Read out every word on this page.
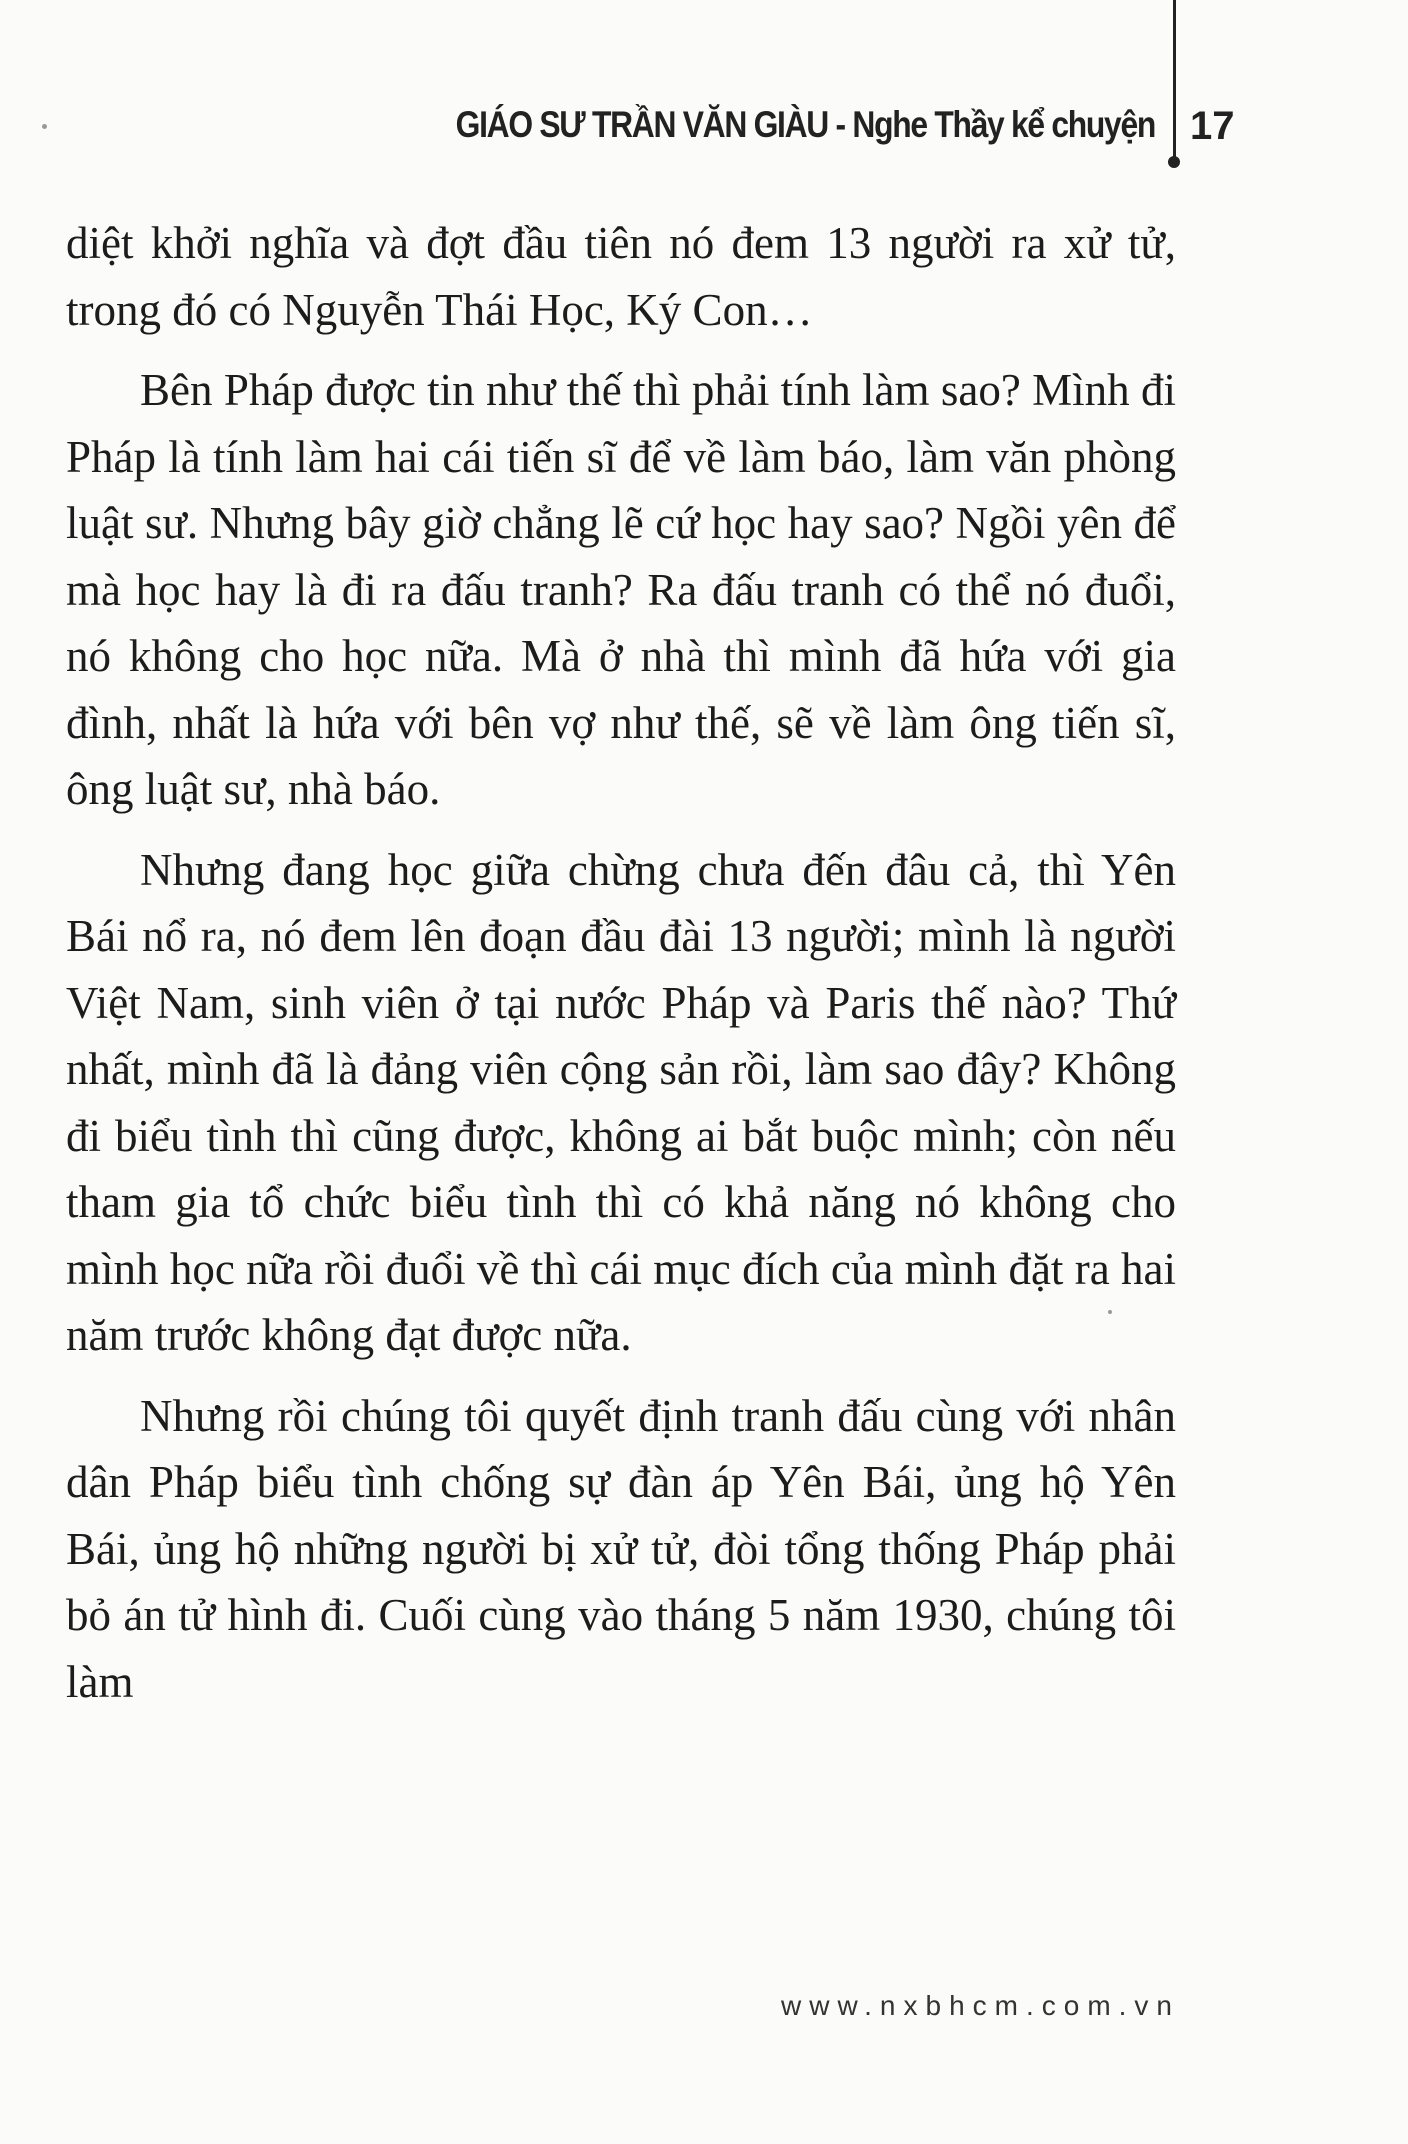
GIÁO SƯ TRẦN VĂN GIÀU - Nghe Thầy kể chuyện 17

diệt khởi nghĩa và đợt đầu tiên nó đem 13 người ra xử tử, trong đó có Nguyễn Thái Học, Ký Con…

Bên Pháp được tin như thế thì phải tính làm sao? Mình đi Pháp là tính làm hai cái tiến sĩ để về làm báo, làm văn phòng luật sư. Nhưng bây giờ chẳng lẽ cứ học hay sao? Ngồi yên để mà học hay là đi ra đấu tranh? Ra đấu tranh có thể nó đuổi, nó không cho học nữa. Mà ở nhà thì mình đã hứa với gia đình, nhất là hứa với bên vợ như thế, sẽ về làm ông tiến sĩ, ông luật sư, nhà báo.

Nhưng đang học giữa chừng chưa đến đâu cả, thì Yên Bái nổ ra, nó đem lên đoạn đầu đài 13 người; mình là người Việt Nam, sinh viên ở tại nước Pháp và Paris thế nào? Thứ nhất, mình đã là đảng viên cộng sản rồi, làm sao đây? Không đi biểu tình thì cũng được, không ai bắt buộc mình; còn nếu tham gia tổ chức biểu tình thì có khả năng nó không cho mình học nữa rồi đuổi về thì cái mục đích của mình đặt ra hai năm trước không đạt được nữa.

Nhưng rồi chúng tôi quyết định tranh đấu cùng với nhân dân Pháp biểu tình chống sự đàn áp Yên Bái, ủng hộ Yên Bái, ủng hộ những người bị xử tử, đòi tổng thống Pháp phải bỏ án tử hình đi. Cuối cùng vào tháng 5 năm 1930, chúng tôi làm

www.nxbhcm.com.vn
